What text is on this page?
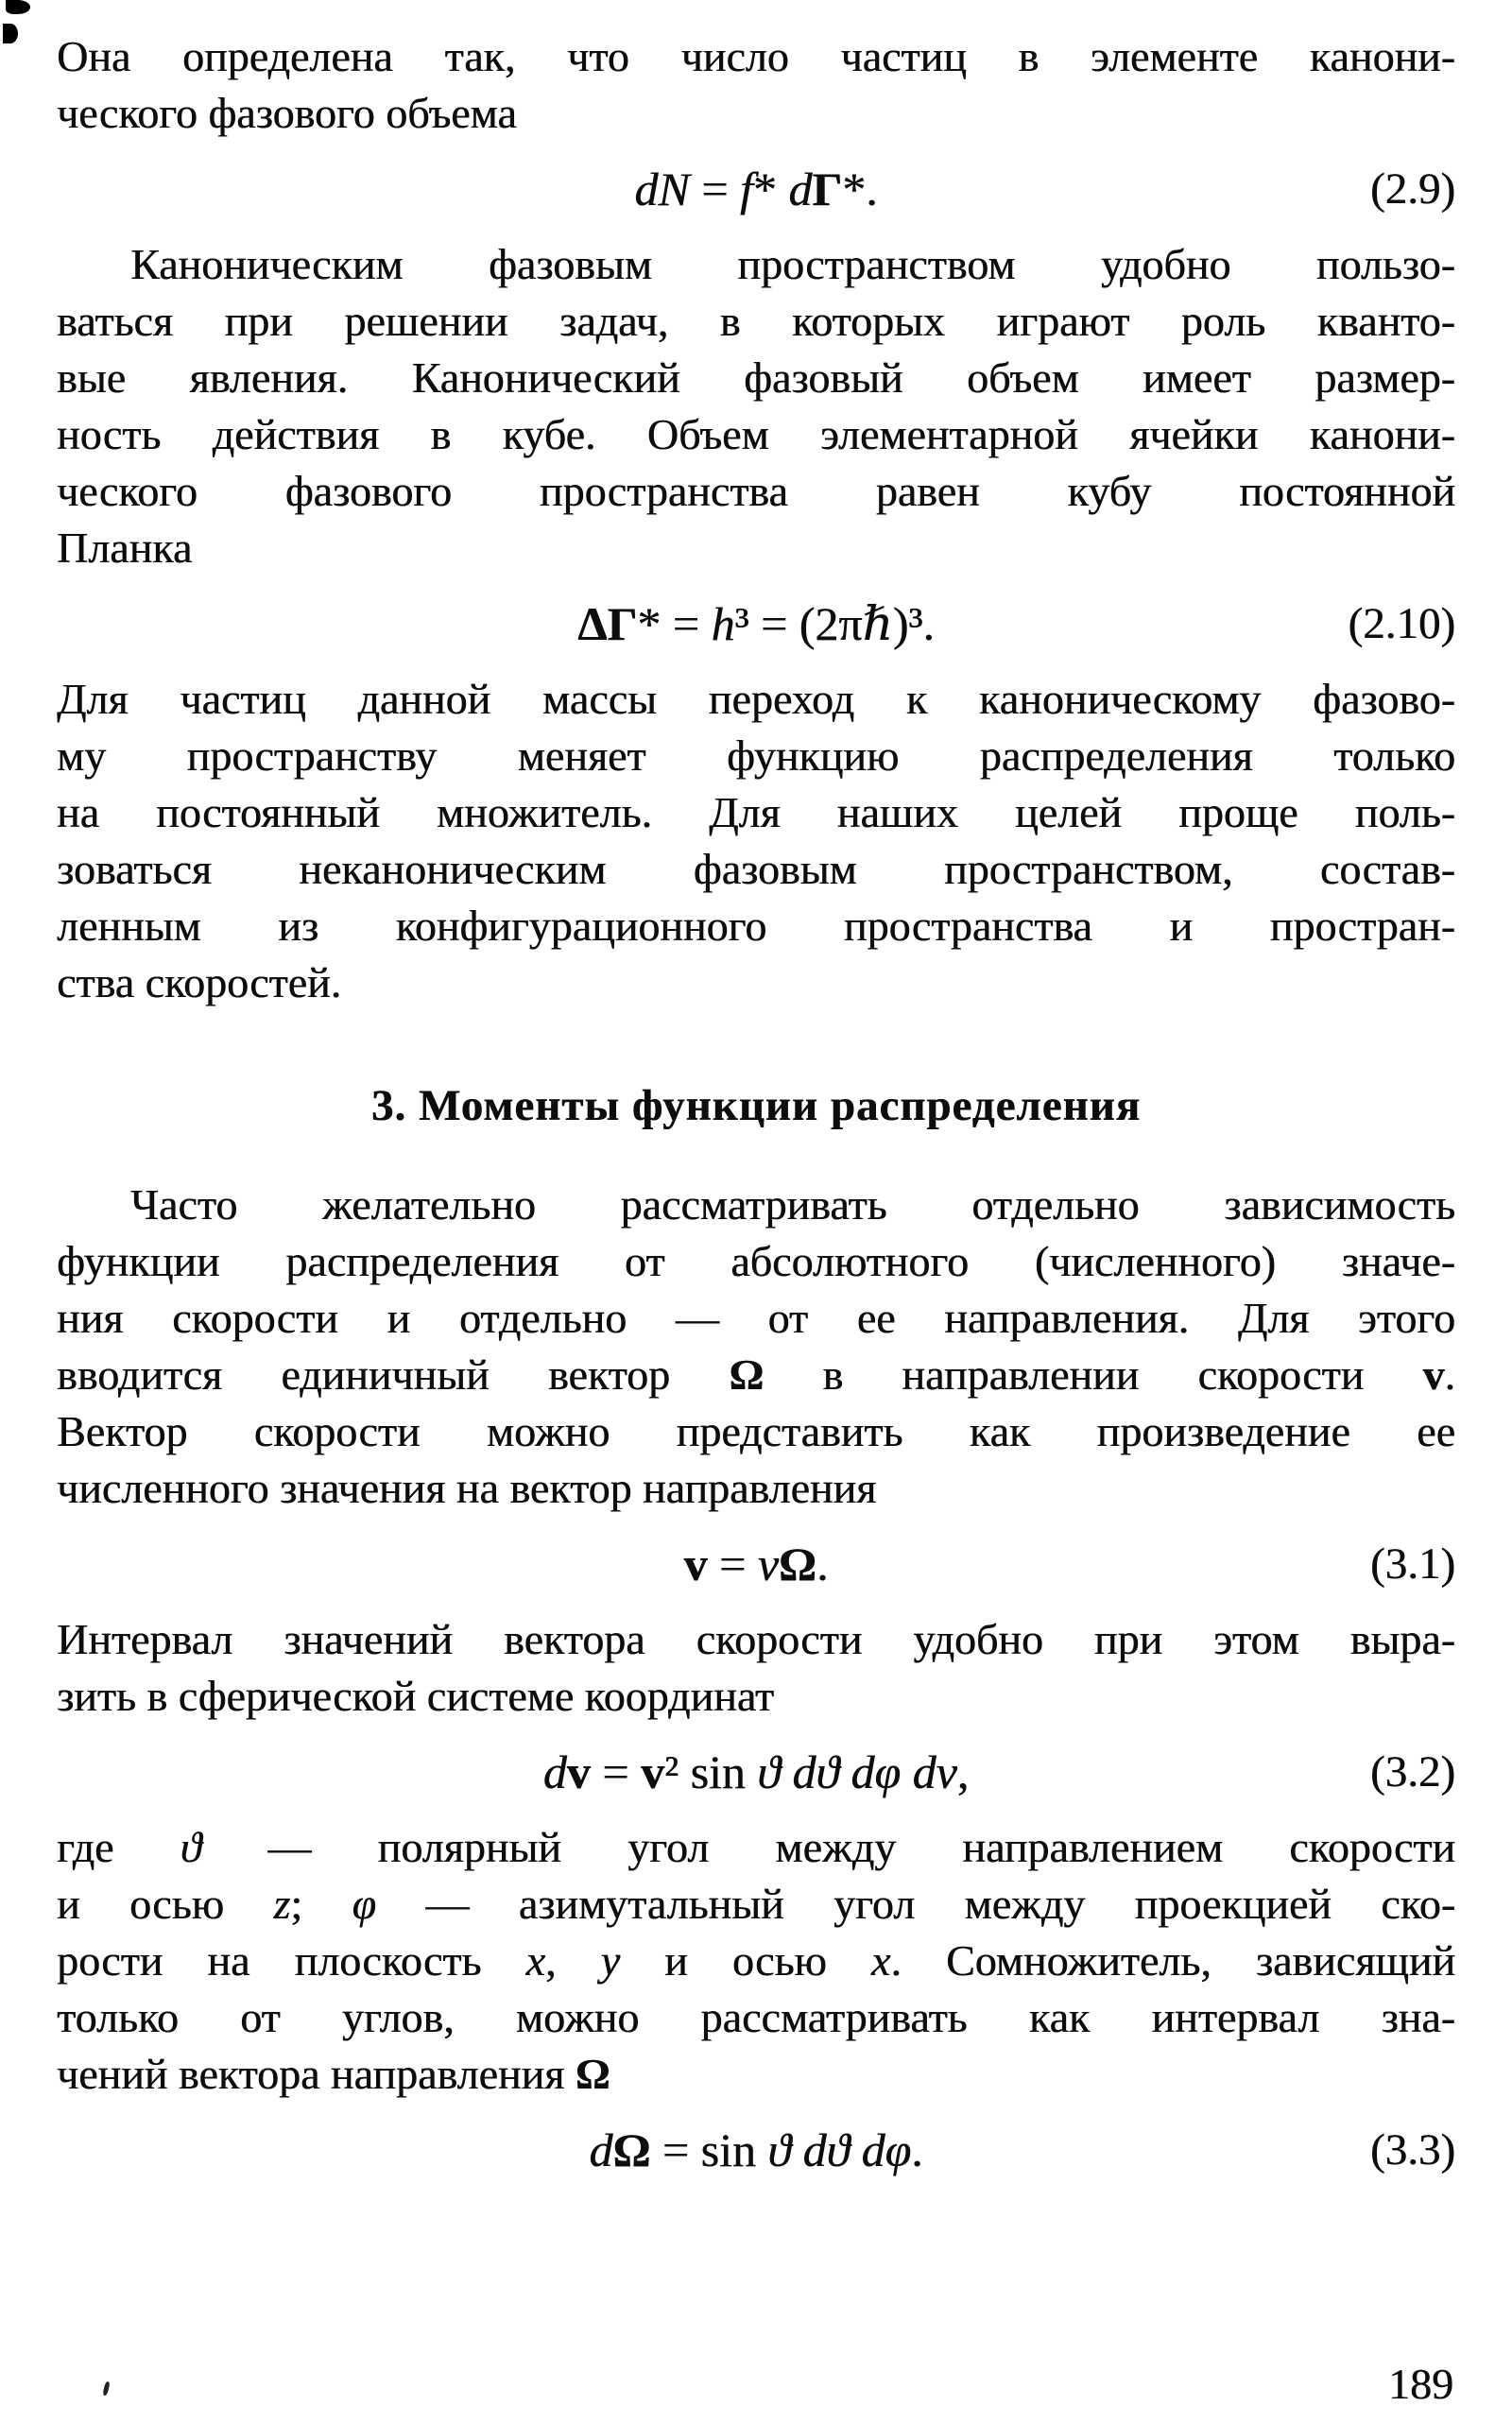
Она определена так, что число частиц в элементе канони-
ческого фазового объема
dN = f* dΓ*.	(2.9)
Каноническим фазовым пространством удобно пользо-
ваться при решении задач, в которых играют роль кванто-
вые явления. Канонический фазовый объем имеет размер-
ность действия в кубе. Объем элементарной ячейки канони-
ческого фазового пространства равен кубу постоянной
Планка
ΔΓ* = h³ = (2πℏ)³.	(2.10)
Для частиц данной массы переход к каноническому фазово-
му пространству меняет функцию распределения только
на постоянный множитель. Для наших целей проще поль-
зоваться неканоническим фазовым пространством, состав-
ленным из конфигурационного пространства и простран-
ства скоростей.
3. Моменты функции распределения
Часто желательно рассматривать отдельно зависимость
функции распределения от абсолютного (численного) значе-
ния скорости и отдельно — от ее направления. Для этого
вводится единичный вектор Ω в направлении скорости v.
Вектор скорости можно представить как произведение ее
численного значения на вектор направления
v = vΩ.	(3.1)
Интервал значений вектора скорости удобно при этом выра-
зить в сферической системе координат
dv = v² sin ϑ dϑ dφ dv,	(3.2)
где ϑ — полярный угол между направлением скорости
и осью z; φ — азимутальный угол между проекцией ско-
рости на плоскость x, y и осью x. Сомножитель, зависящий
только от углов, можно рассматривать как интервал зна-
чений вектора направления Ω
dΩ = sin ϑ dϑ dφ.	(3.3)
189
